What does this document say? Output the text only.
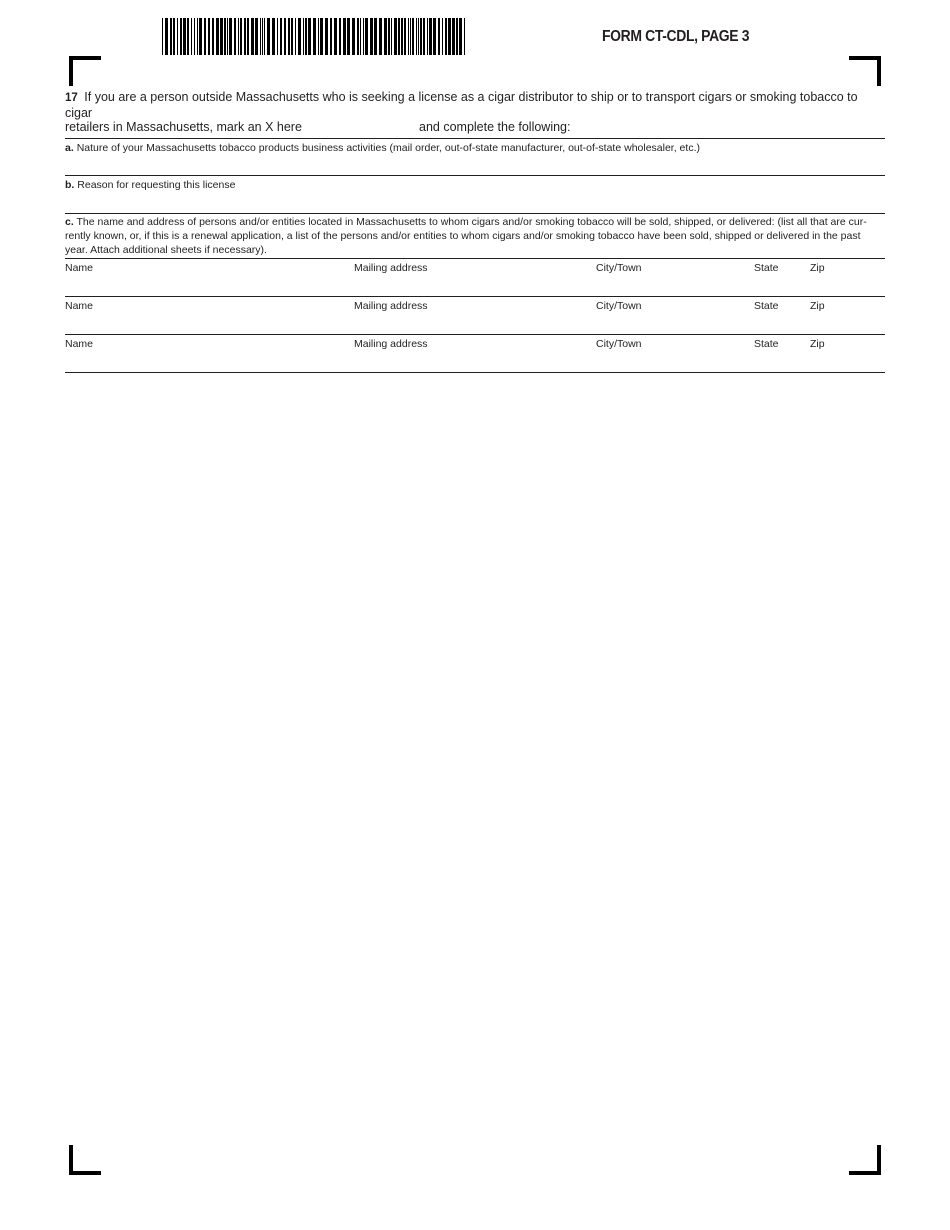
FORM CT-CDL, PAGE 3
17 If you are a person outside Massachusetts who is seeking a license as a cigar distributor to ship or to transport cigars or smoking tobacco to cigar
retailers in Massachusetts, mark an X here	and complete the following:
a. Nature of your Massachusetts tobacco products business activities (mail order, out-of-state manufacturer, out-of-state wholesaler, etc.)
b. Reason for requesting this license
c. The name and address of persons and/or entities located in Massachusetts to whom cigars and/or smoking tobacco will be sold, shipped, or delivered: (list all that are cur-rently known, or, if this is a renewal application, a list of the persons and/or entities to whom cigars and/or smoking tobacco have been sold, shipped or delivered in the past year. Attach additional sheets if necessary).
Name	Mailing address	City/Town	State	Zip
Name	Mailing address	City/Town	State	Zip
Name	Mailing address	City/Town	State	Zip
